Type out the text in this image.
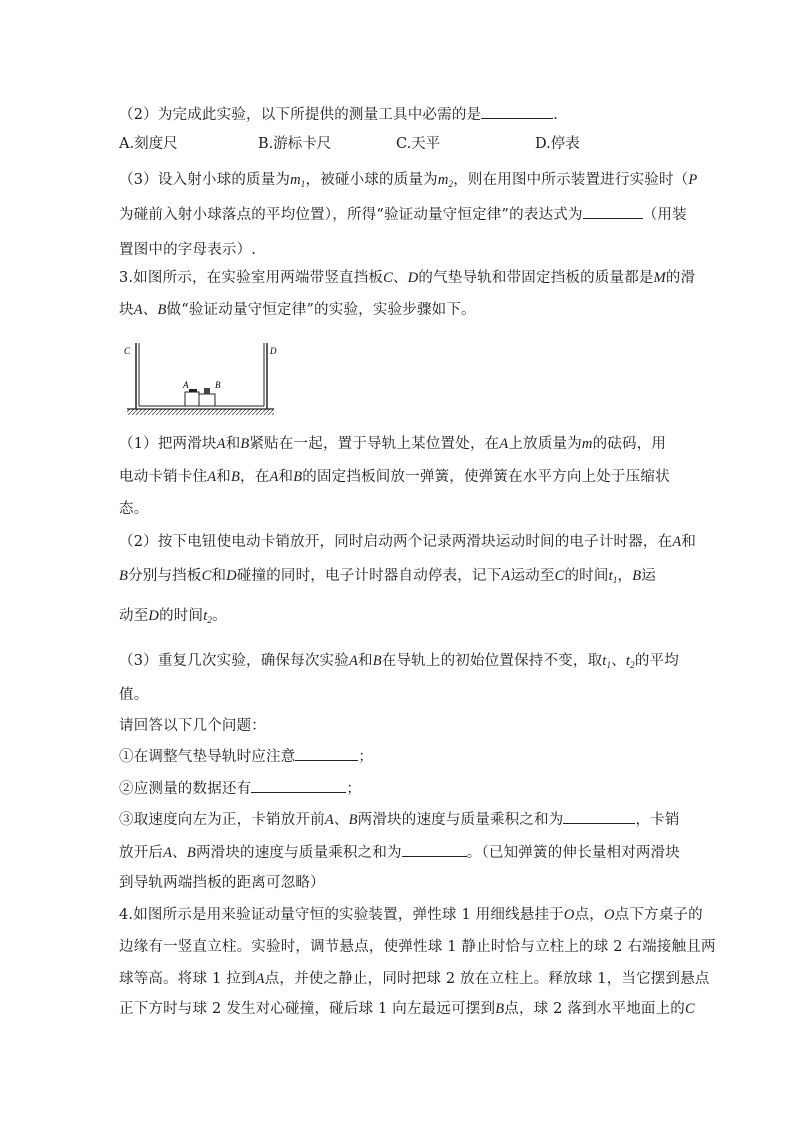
（2）为完成此实验，以下所提供的测量工具中必需的是	.
A.刻度尺	B.游标卡尺	C.天平	D.停表
（3）设入射小球的质量为$m_1$，被碰小球的质量为$m_2$，则在用图中所示装置进行实验时（P
为碰前入射小球落点的平均位置），所得“验证动量守恒定律”的表达式为	（用装
置图中的字母表示）.
3.如图所示，在实验室用两端带竖直挡板C、D的气垫导轨和带固定挡板的质量都是M的滑
块A、B做“验证动量守恒定律”的实验，实验步骤如下。
C	D
A	B
（1）把两滑块A和B紧贴在一起，置于导轨上某位置处，在A上放质量为m的砝码，用
电动卡销卡住A和B，在A和B的固定挡板间放一弹簧，使弹簧在水平方向上处于压缩状
态。
（2）按下电钮使电动卡销放开，同时启动两个记录两滑块运动时间的电子计时器，在A和
B分别与挡板C和D碰撞的同时，电子计时器自动停表，记下A运动至C的时间$t_1$，B运
动至D的时间$t_2$。
（3）重复几次实验，确保每次实验A和B在导轨上的初始位置保持不变，取$t_1$、$t_2$的平均
值。
请回答以下几个问题：
①在调整气垫导轨时应注意	；
②应测量的数据还有	；
③取速度向左为正，卡销放开前A、B两滑块的速度与质量乘积之和为	，卡销
放开后A、B两滑块的速度与质量乘积之和为	。（已知弹簧的伸长量相对两滑块
到导轨两端挡板的距离可忽略）
4.如图所示是用来验证动量守恒的实验装置，弹性球 1 用细线悬挂于O点，O点下方桌子的
边缘有一竖直立柱。实验时，调节悬点，使弹性球 1 静止时恰与立柱上的球 2 右端接触且两
球等高。将球 1 拉到A点，并使之静止，同时把球 2 放在立柱上。释放球 1，当它摆到悬点
正下方时与球 2 发生对心碰撞，碰后球 1 向左最远可摆到B点，球 2 落到水平地面上的C
